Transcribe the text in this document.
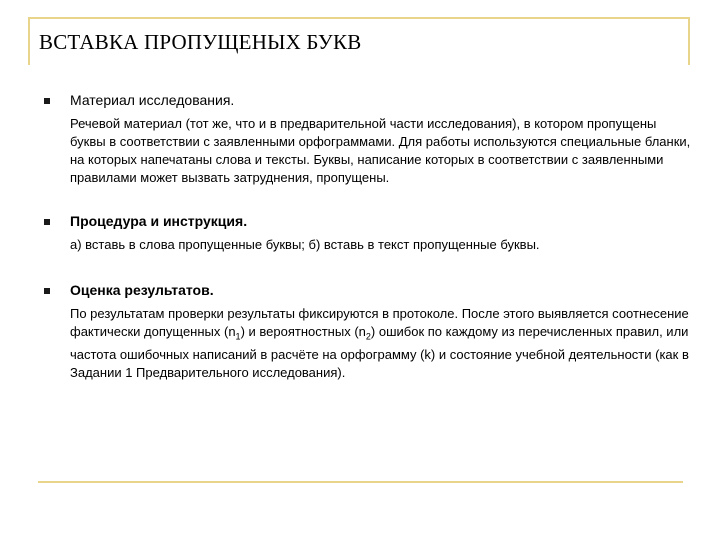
ВСТАВКА ПРОПУЩЕНЫХ БУКВ

Материал исследования.

Речевой материал (тот же, что и в предварительной части исследования), в котором пропущены буквы в соответствии с заявленными орфограммами. Для работы используются специальные бланки, на которых напечатаны слова и тексты. Буквы, написание которых в соответствии с заявленными правилами может вызвать затруднения, пропущены.

Процедура и инструкция.

а) вставь в слова пропущенные буквы; б) вставь в текст пропущенные буквы.

Оценка результатов.

По результатам проверки результаты фиксируются в протоколе. После этого выявляется соотнесение фактически допущенных $(n_1)$ и вероятностных $(n_2)$ ошибок по каждому из перечисленных правил, или частота ошибочных написаний в расчёте на орфограмму (k) и состояние учебной деятельности (как в Задании 1 Предварительного исследования).
